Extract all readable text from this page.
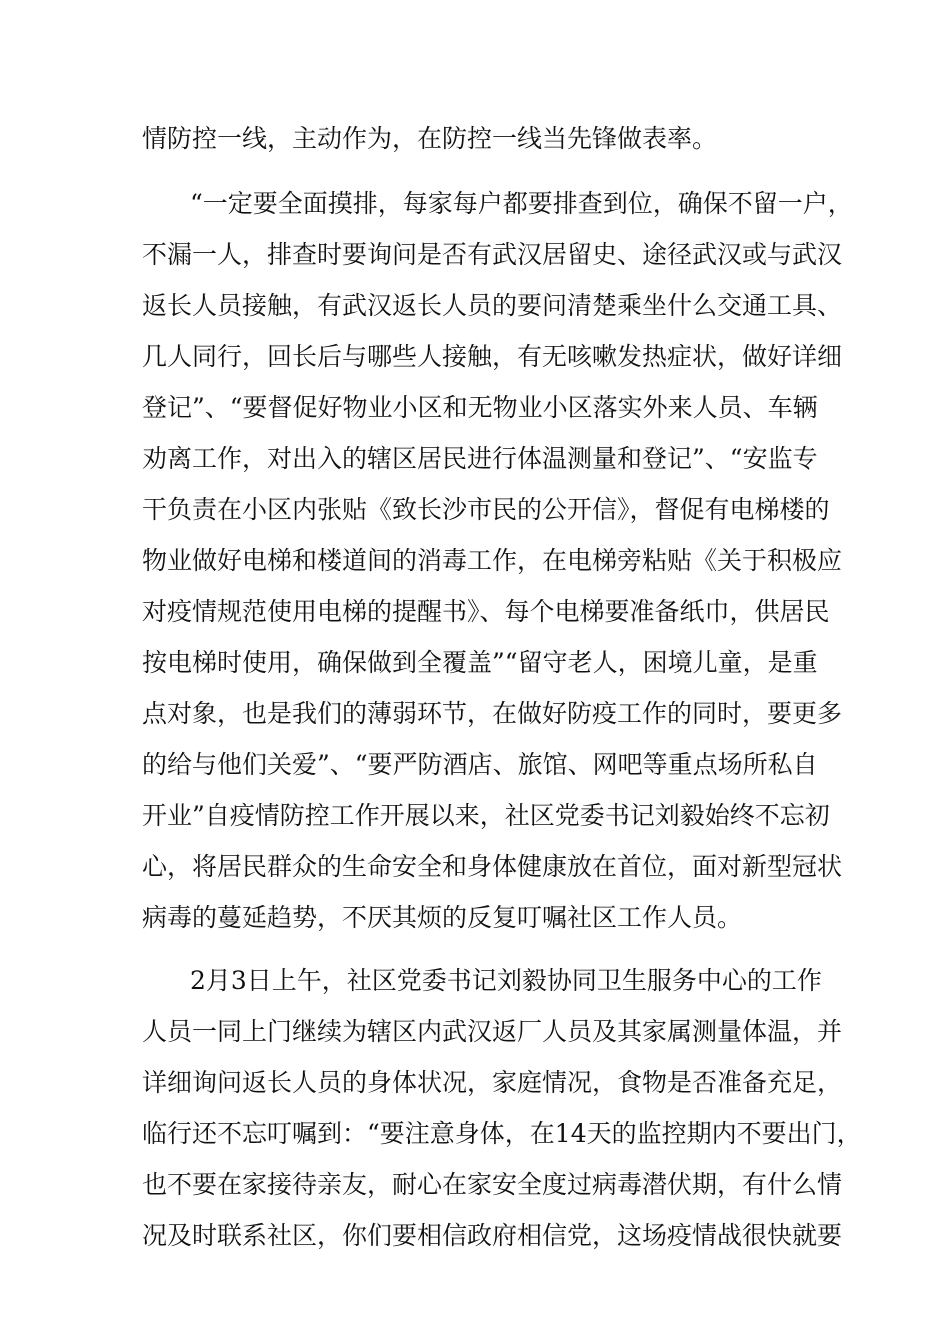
情防控一线，主动作为，在防控一线当先锋做表率。
“一定要全面摸排，每家每户都要排查到位，确保不留一户，
不漏一人，排查时要询问是否有武汉居留史、途径武汉或与武汉
返长人员接触，有武汉返长人员的要问清楚乘坐什么交通工具、
几人同行，回长后与哪些人接触，有无咳嗽发热症状，做好详细
登记”、“要督促好物业小区和无物业小区落实外来人员、车辆
劝离工作，对出入的辖区居民进行体温测量和登记”、“安监专
干负责在小区内张贴《致长沙市民的公开信》，督促有电梯楼的
物业做好电梯和楼道间的消毒工作，在电梯旁粘贴《关于积极应
对疫情规范使用电梯的提醒书》、每个电梯要准备纸巾，供居民
按电梯时使用，确保做到全覆盖”“留守老人，困境儿童，是重
点对象，也是我们的薄弱环节，在做好防疫工作的同时，要更多
的给与他们关爱”、“要严防酒店、旅馆、网吧等重点场所私自
开业”自疫情防控工作开展以来，社区党委书记刘毅始终不忘初
心，将居民群众的生命安全和身体健康放在首位，面对新型冠状
病毒的蔓延趋势，不厌其烦的反复叮嘱社区工作人员。
2月3日上午，社区党委书记刘毅协同卫生服务中心的工作
人员一同上门继续为辖区内武汉返厂人员及其家属测量体温，并
详细询问返长人员的身体状况，家庭情况，食物是否准备充足，
临行还不忘叮嘱到：“要注意身体，在14天的监控期内不要出门，
也不要在家接待亲友，耐心在家安全度过病毒潜伏期，有什么情
况及时联系社区，你们要相信政府相信党，这场疫情战很快就要
